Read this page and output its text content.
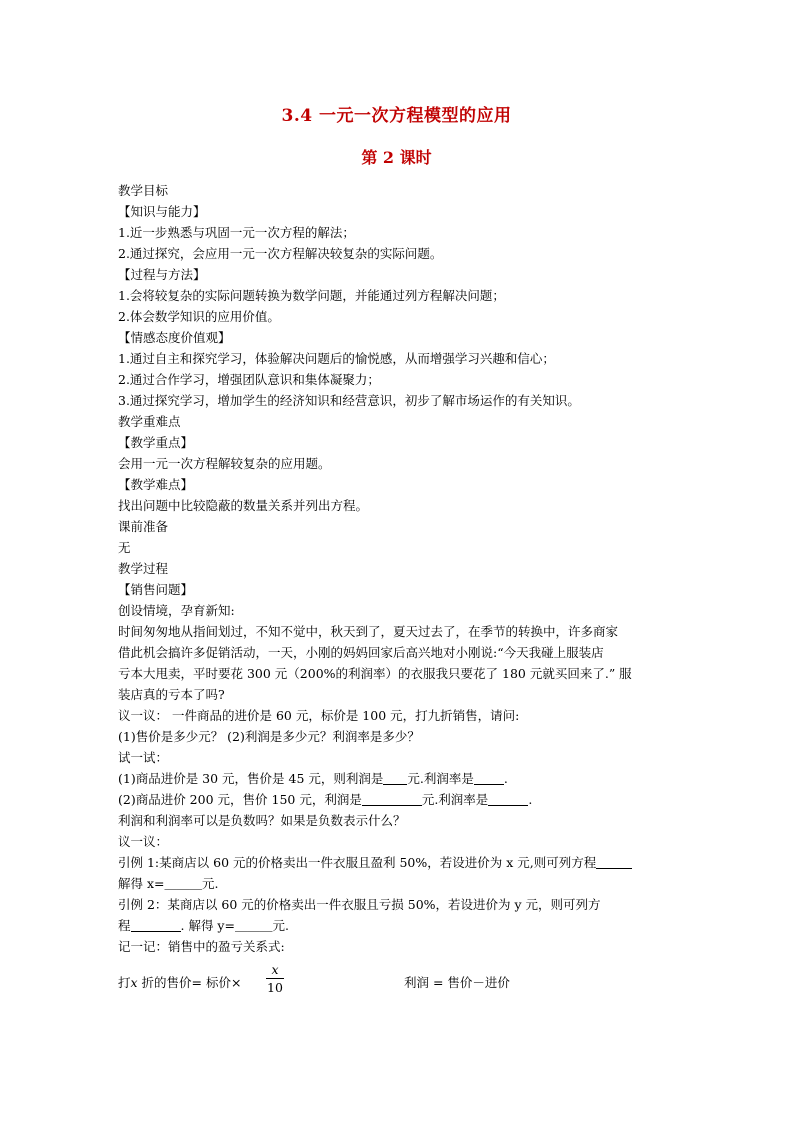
3.4 一元一次方程模型的应用
第 2 课时
教学目标
【知识与能力】
1.近一步熟悉与巩固一元一次方程的解法；
2.通过探究，会应用一元一次方程解决较复杂的实际问题。
【过程与方法】
1.会将较复杂的实际问题转换为数学问题，并能通过列方程解决问题；
2.体会数学知识的应用价值。
【情感态度价值观】
1.通过自主和探究学习，体验解决问题后的愉悦感，从而增强学习兴趣和信心；
2.通过合作学习，增强团队意识和集体凝聚力；
3.通过探究学习，增加学生的经济知识和经营意识，初步了解市场运作的有关知识。
教学重难点
【教学重点】
会用一元一次方程解较复杂的应用题。
【教学难点】
找出问题中比较隐蔽的数量关系并列出方程。
课前准备
无
教学过程
【销售问题】
创设情境，孕育新知:
时间匆匆地从指间划过，不知不觉中，秋天到了，夏天过去了，在季节的转换中，许多商家
借此机会搞许多促销活动，一天，小刚的妈妈回家后高兴地对小刚说:“今天我碰上服装店
亏本大甩卖，平时要花 300 元（200%的利润率）的衣服我只要花了 180 元就买回来了.” 服
装店真的亏本了吗?
议一议： 一件商品的进价是 60 元，标价是 100 元，打九折销售，请问:
(1)售价是多少元？ (2)利润是多少元？利润率是多少？
试一试：
(1)商品进价是 30 元，售价是 45 元，则利润是 元.利润率是 .
(2)商品进价 200 元，售价 150 元，利润是	元.利润率是	.
利润和利润率可以是负数吗？如果是负数表示什么？
议一议：
引例 1:某商店以 60 元的价格卖出一件衣服且盈利 50%，若设进价为 x 元,则可列方程
解得 x=＿＿＿元.
引例 2：某商店以 60 元的价格卖出一件衣服且亏损 50%，若设进价为 y 元，则可列方
程	. 解得 y=＿＿＿元.
记一记：销售中的盈亏关系式:
打x 折的售价= 标价× $\frac{x}{10}$	利润 = 售价－进价
